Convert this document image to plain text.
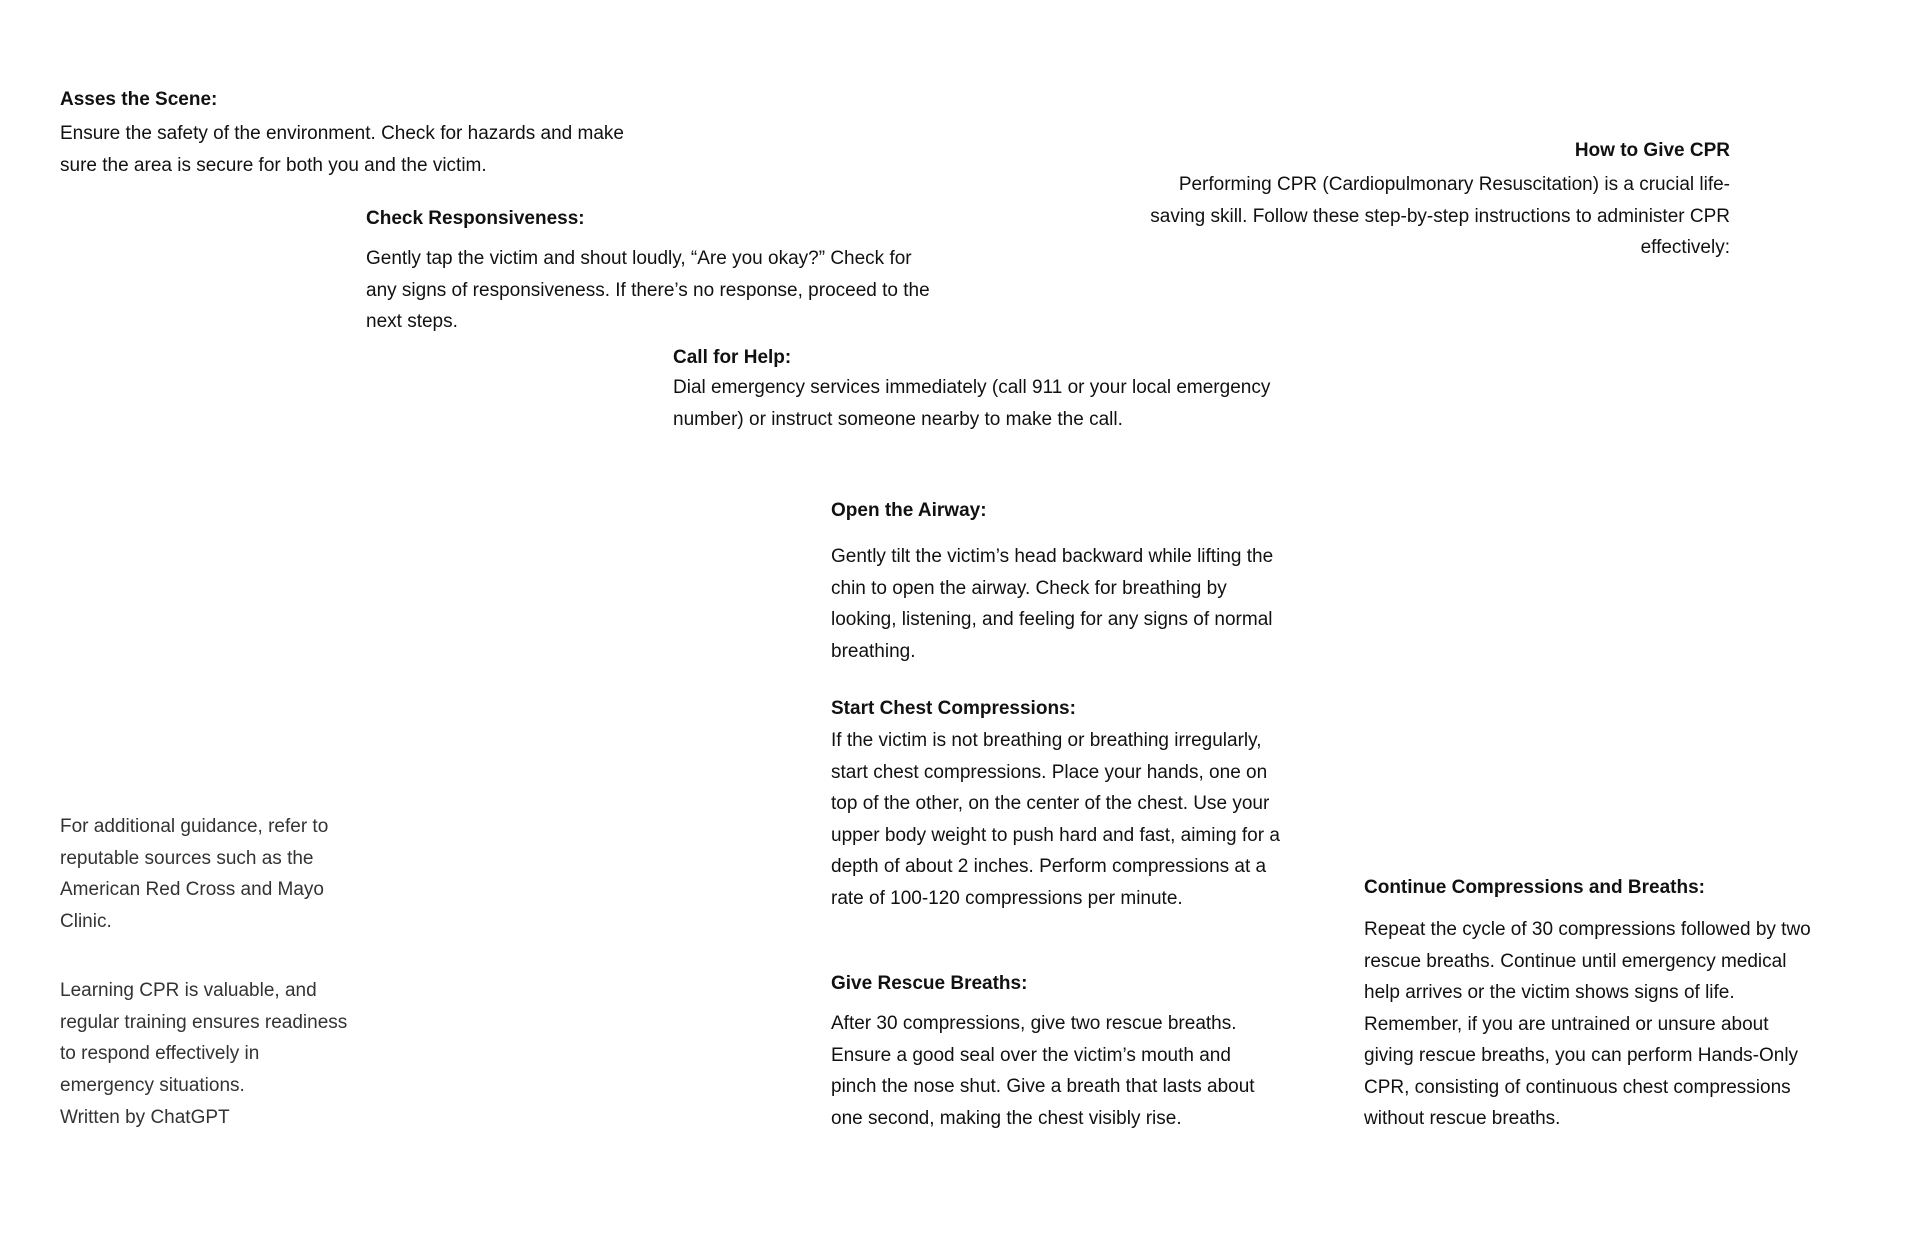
How to Give CPR

Performing CPR (Cardiopulmonary Resuscitation) is a crucial life-saving skill. Follow these step-by-step instructions to administer CPR effectively:

Asses the Scene:

Ensure the safety of the environment. Check for hazards and make sure the area is secure for both you and the victim.

Check Responsiveness:

Gently tap the victim and shout loudly, “Are you okay?” Check for any signs of responsiveness. If there’s no response, proceed to the next steps.

Call for Help:

Dial emergency services immediately (call 911 or your local emergency number) or instruct someone nearby to make the call.

Open the Airway:

Gently tilt the victim’s head backward while lifting the chin to open the airway. Check for breathing by looking, listening, and feeling for any signs of normal breathing.

Start Chest Compressions:

If the victim is not breathing or breathing irregularly, start chest compressions. Place your hands, one on top of the other, on the center of the chest. Use your upper body weight to push hard and fast, aiming for a depth of about 2 inches. Perform compressions at a rate of 100-120 compressions per minute.

Give Rescue Breaths:

After 30 compressions, give two rescue breaths. Ensure a good seal over the victim’s mouth and pinch the nose shut. Give a breath that lasts about one second, making the chest visibly rise.

Continue Compressions and Breaths:

Repeat the cycle of 30 compressions followed by two rescue breaths. Continue until emergency medical help arrives or the victim shows signs of life. Remember, if you are untrained or unsure about giving rescue breaths, you can perform Hands-Only CPR, consisting of continuous chest compressions without rescue breaths.

For additional guidance, refer to reputable sources such as the American Red Cross and Mayo Clinic.

Learning CPR is valuable, and regular training ensures readiness to respond effectively in emergency situations.

Written by ChatGPT
